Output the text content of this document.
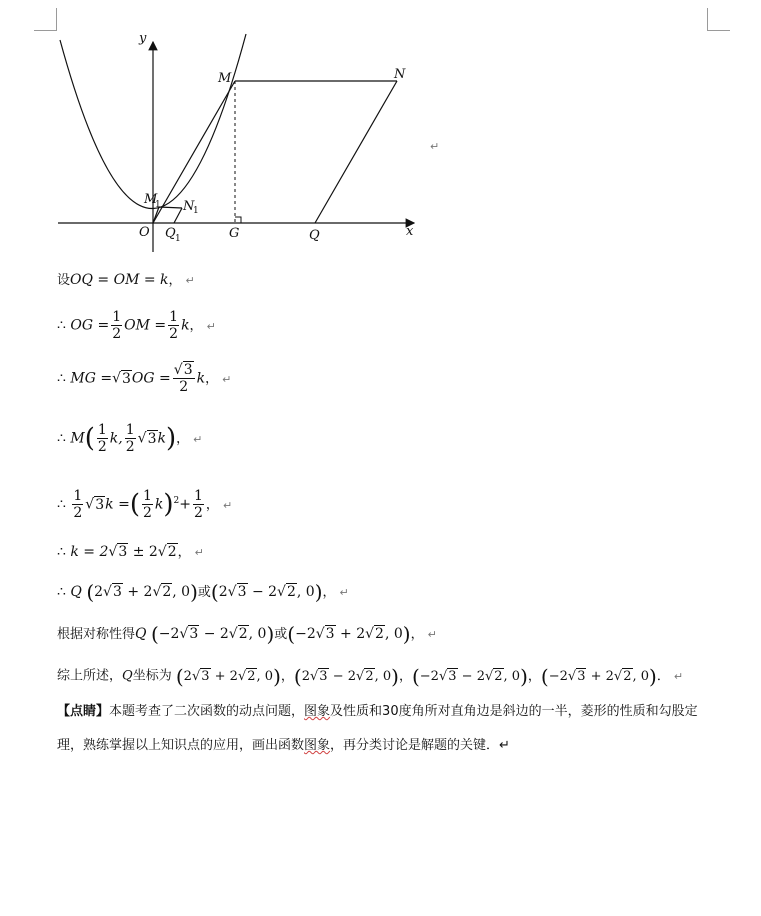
y
x
M	N
M
1 N
1
O Q 1	G	Q
↵
设OQ = OM = k， ↵
∴ OG = $\frac{1}{2}$ OM = $\frac{1}{2}$ k， ↵
∴ MG $=√3OG = \frac{√3}{2}$ k， ↵
∴ $M( \frac{1}{2} k$, $\frac{1}{2} √3k$)， ↵
∴ $\frac{1}{2} √3k$ =( $\frac{1}{2} k)^2+ \frac{1}{2}$ ， ↵
∴ k = 2√3 ± 2√2， ↵
∴ Q (2√3 + 2√2, 0)或(2√3 − 2√2, 0)， ↵
根据对称性得Q (−2√3 − 2√2, 0)或(−2√3 + 2√2, 0)， ↵
综上所述，Q坐标为 (2√3 + 2√2, 0)，(2√3 − 2√2, 0)，(−2√3 − 2√2, 0)，(−2√3 + 2√2, 0)． ↵
【点睛】本题考查了二次函数的动点问题，图象及性质和30度角所对直角边是斜边的一半，菱形的性质和勾股定理，熟练掌握以上知识点的应用，画出函数图象，再分类讨论是解题的关键．↵
